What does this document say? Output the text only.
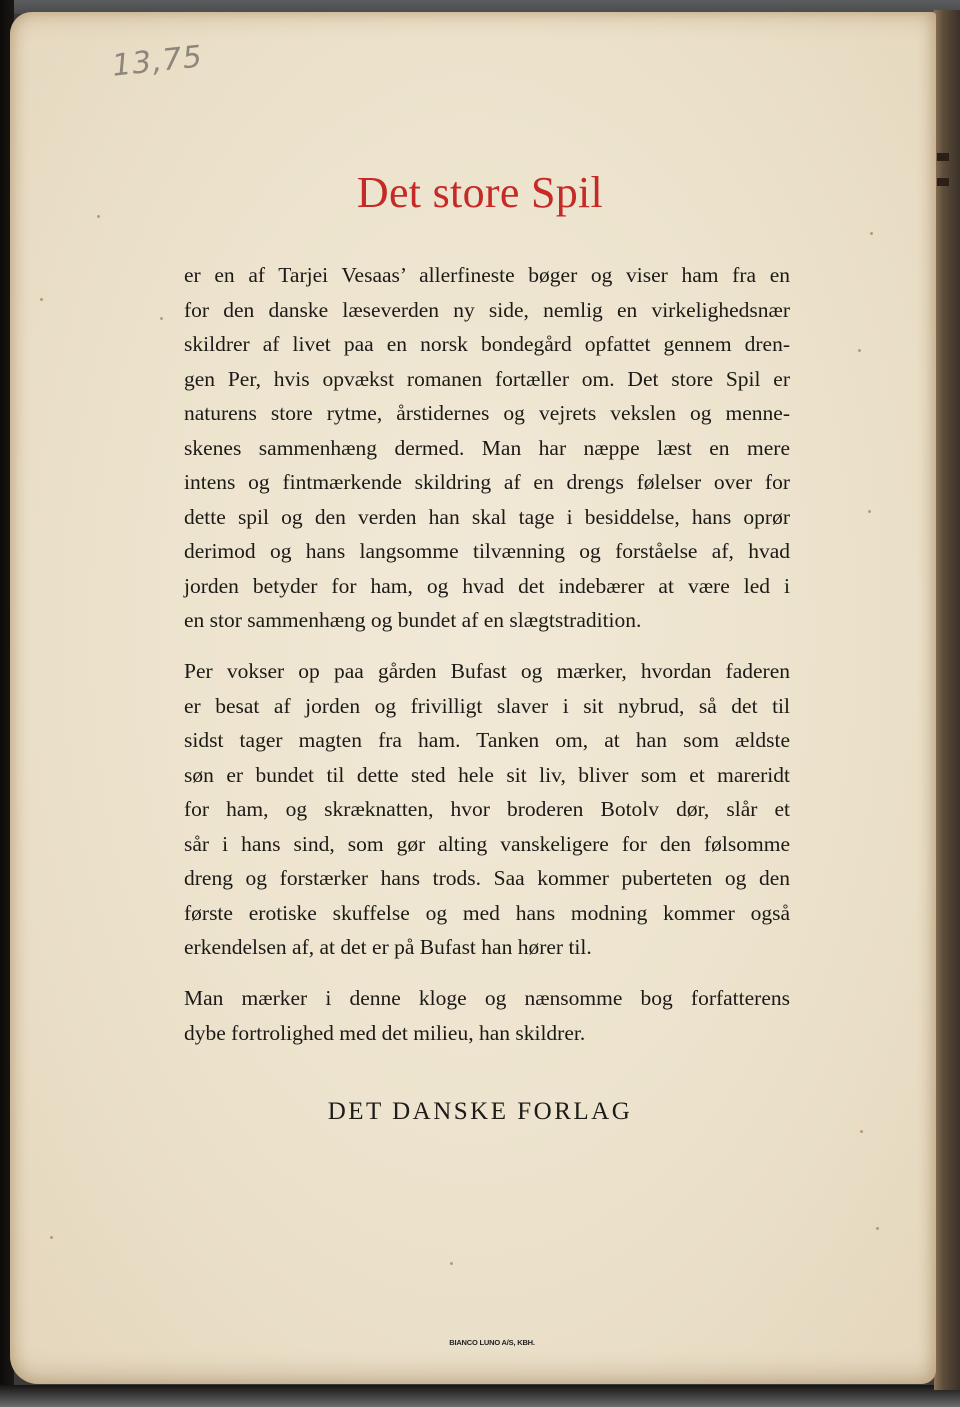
13,75
Det store Spil
er en af Tarjei Vesaas’ allerfineste bøger og viser ham fra en
for den danske læseverden ny side, nemlig en virkelighedsnær
skildrer af livet paa en norsk bondegård opfattet gennem dren-
gen Per, hvis opvækst romanen fortæller om. Det store Spil er
naturens store rytme, årstidernes og vejrets vekslen og menne-
skenes sammenhæng dermed. Man har næppe læst en mere
intens og fintmærkende skildring af en drengs følelser over for
dette spil og den verden han skal tage i besiddelse, hans oprør
derimod og hans langsomme tilvænning og forståelse af, hvad
jorden betyder for ham, og hvad det indebærer at være led i
en stor sammenhæng og bundet af en slægtstradition.
Per vokser op paa gården Bufast og mærker, hvordan faderen
er besat af jorden og frivilligt slaver i sit nybrud, så det til
sidst tager magten fra ham. Tanken om, at han som ældste
søn er bundet til dette sted hele sit liv, bliver som et mareridt
for ham, og skræknatten, hvor broderen Botolv dør, slår et
sår i hans sind, som gør alting vanskeligere for den følsomme
dreng og forstærker hans trods. Saa kommer puberteten og den
første erotiske skuffelse og med hans modning kommer også
erkendelsen af, at det er på Bufast han hører til.
Man mærker i denne kloge og nænsomme bog forfatterens
dybe fortrolighed med det milieu, han skildrer.
DET DANSKE FORLAG
BIANCO LUNO A/S, KBH.
